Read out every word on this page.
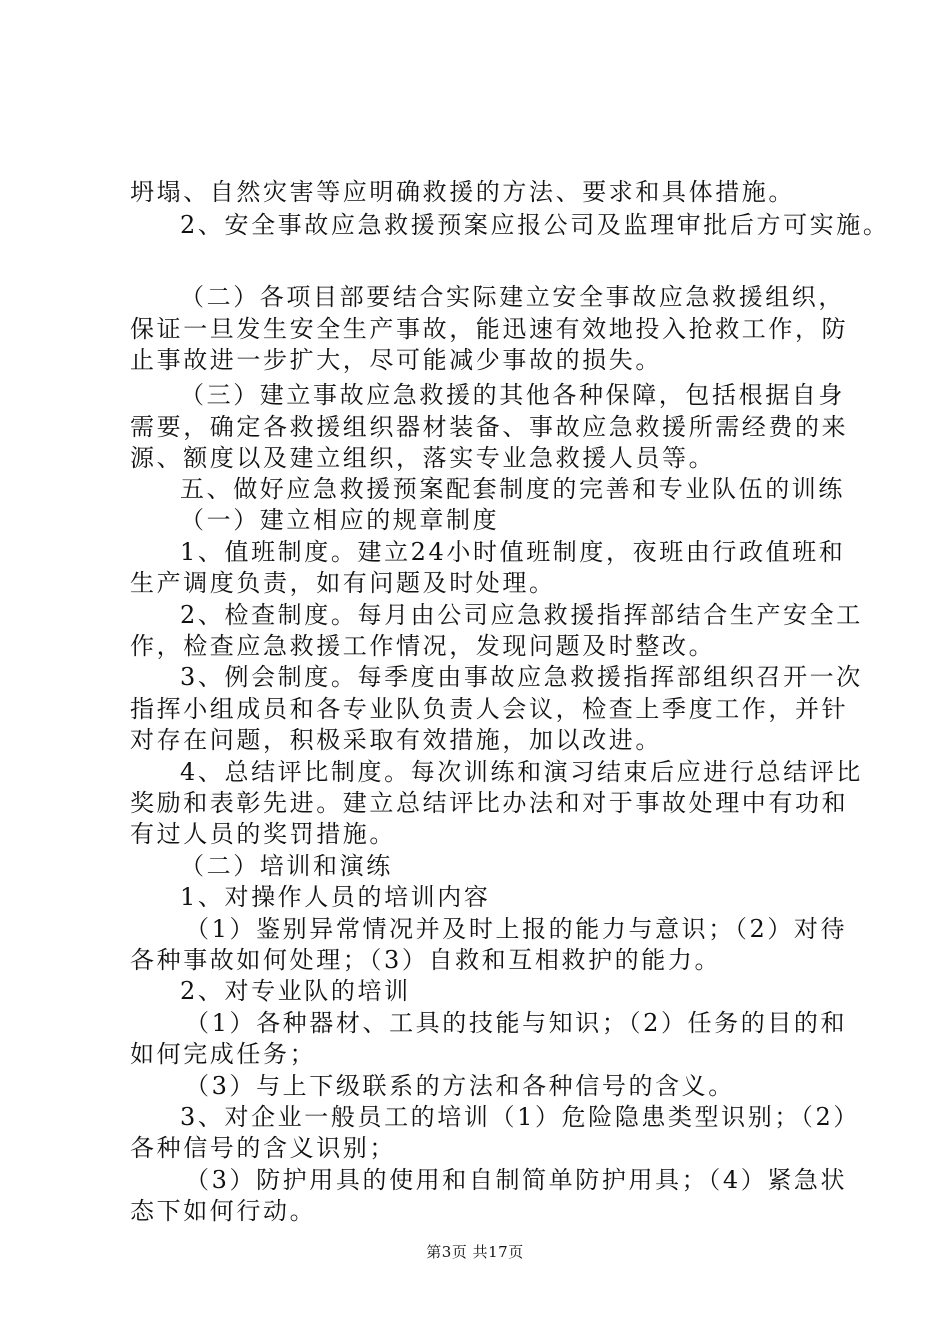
坍塌、自然灾害等应明确救援的方法、要求和具体措施。
2、安全事故应急救援预案应报公司及监理审批后方可实施。
（二）各项目部要结合实际建立安全事故应急救援组织，
保证一旦发生安全生产事故，能迅速有效地投入抢救工作，防
止事故进一步扩大，尽可能减少事故的损失。
（三）建立事故应急救援的其他各种保障，包括根据自身
需要，确定各救援组织器材装备、事故应急救援所需经费的来
源、额度以及建立组织，落实专业急救援人员等。
五、做好应急救援预案配套制度的完善和专业队伍的训练
（一）建立相应的规章制度
1、值班制度。建立24小时值班制度，夜班由行政值班和
生产调度负责，如有问题及时处理。
2、检查制度。每月由公司应急救援指挥部结合生产安全工
作，检查应急救援工作情况，发现问题及时整改。
3、例会制度。每季度由事故应急救援指挥部组织召开一次
指挥小组成员和各专业队负责人会议，检查上季度工作，并针
对存在问题，积极采取有效措施，加以改进。
4、总结评比制度。每次训练和演习结束后应进行总结评比
奖励和表彰先进。建立总结评比办法和对于事故处理中有功和
有过人员的奖罚措施。
（二）培训和演练
1、对操作人员的培训内容
（1）鉴别异常情况并及时上报的能力与意识；（2）对待
各种事故如何处理；（3）自救和互相救护的能力。
2、对专业队的培训
（1）各种器材、工具的技能与知识；（2）任务的目的和
如何完成任务；
（3）与上下级联系的方法和各种信号的含义。
3、对企业一般员工的培训（1）危险隐患类型识别；（2）
各种信号的含义识别；
（3）防护用具的使用和自制简单防护用具；（4）紧急状
态下如何行动。
第3页 共17页
